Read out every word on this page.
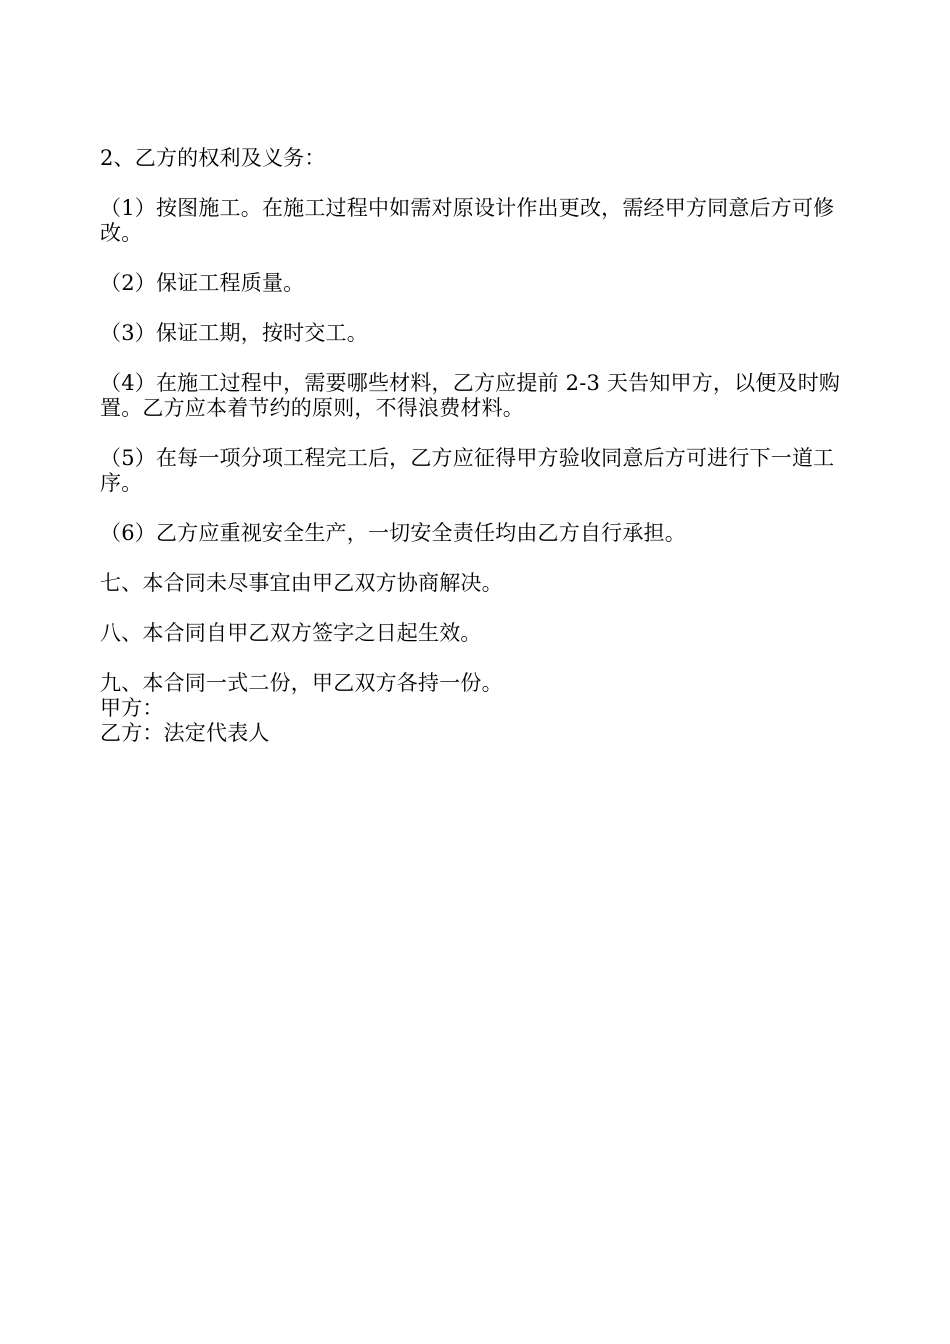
2、乙方的权利及义务：

（1）按图施工。在施工过程中如需对原设计作出更改，需经甲方同意后方可修改。

（2）保证工程质量。

（3）保证工期，按时交工。

（4）在施工过程中，需要哪些材料，乙方应提前 2-3 天告知甲方，以便及时购置。乙方应本着节约的原则，不得浪费材料。

（5）在每一项分项工程完工后，乙方应征得甲方验收同意后方可进行下一道工序。

（6）乙方应重视安全生产，一切安全责任均由乙方自行承担。

七、本合同未尽事宜由甲乙双方协商解决。

八、本合同自甲乙双方签字之日起生效。

九、本合同一式二份，甲乙双方各持一份。

甲方：

乙方：法定代表人
